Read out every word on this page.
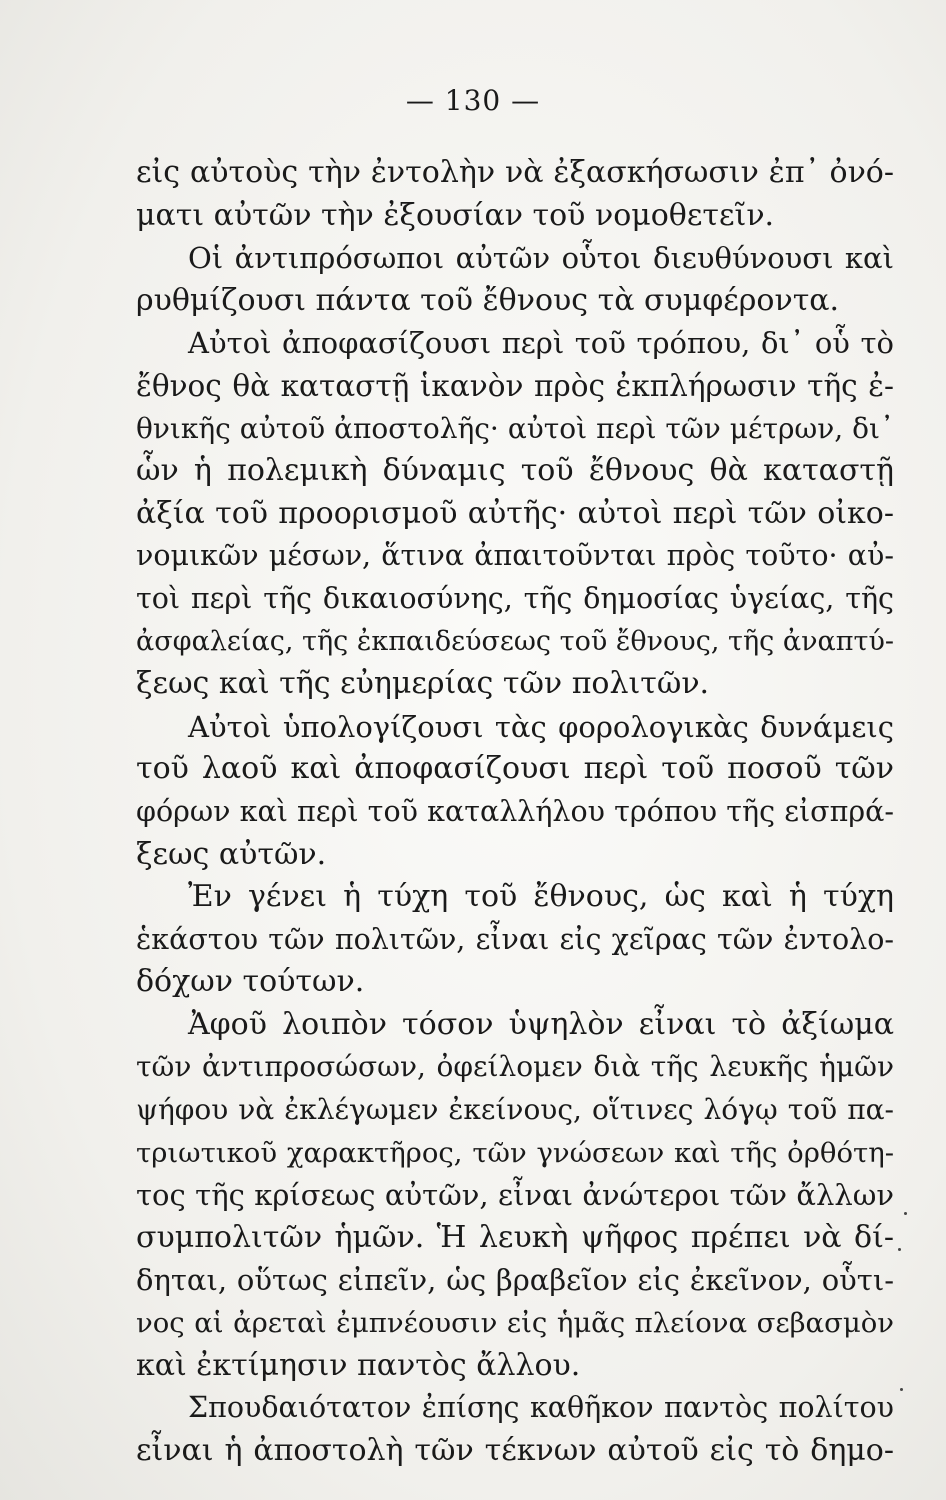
— 130 —
εἰς αὐτοὺς τὴν ἐντολὴν νὰ ἐξασκήσωσιν ἐπ᾽ ὀνό-
ματι αὐτῶν τὴν ἐξουσίαν τοῦ νομοθετεῖν.
Οἱ ἀντιπρόσωποι αὐτῶν οὗτοι διευθύνουσι καὶ
ρυθμίζουσι πάντα τοῦ ἔθνους τὰ συμφέροντα.
Αὐτοὶ ἀποφασίζουσι περὶ τοῦ τρόπου, δι᾽ οὗ τὸ
ἔθνος θὰ καταστῇ ἱκανὸν πρὸς ἐκπλήρωσιν τῆς ἐ-
θνικῆς αὐτοῦ ἀποστολῆς· αὐτοὶ περὶ τῶν μέτρων, δι᾽
ὧν ἡ πολεμικὴ δύναμις τοῦ ἔθνους θὰ καταστῇ
ἀξία τοῦ προορισμοῦ αὐτῆς· αὐτοὶ περὶ τῶν οἰκο-
νομικῶν μέσων, ἅτινα ἀπαιτοῦνται πρὸς τοῦτο· αὐ-
τοὶ περὶ τῆς δικαιοσύνης, τῆς δημοσίας ὑγείας, τῆς
ἀσφαλείας, τῆς ἐκπαιδεύσεως τοῦ ἔθνους, τῆς ἀναπτύ-
ξεως καὶ τῆς εὐημερίας τῶν πολιτῶν.
Αὐτοὶ ὑπολογίζουσι τὰς φορολογικὰς δυνάμεις
τοῦ λαοῦ καὶ ἀποφασίζουσι περὶ τοῦ ποσοῦ τῶν
φόρων καὶ περὶ τοῦ καταλλήλου τρόπου τῆς εἰσπρά-
ξεως αὐτῶν.
Ἐν γένει ἡ τύχη τοῦ ἔθνους, ὡς καὶ ἡ τύχη
ἑκάστου τῶν πολιτῶν, εἶναι εἰς χεῖρας τῶν ἐντολο-
δόχων τούτων.
Ἀφοῦ λοιπὸν τόσον ὑψηλὸν εἶναι τὸ ἀξίωμα
τῶν ἀντιπροσώσων, ὀφείλομεν διὰ τῆς λευκῆς ἡμῶν
ψήφου νὰ ἐκλέγωμεν ἐκείνους, οἵτινες λόγῳ τοῦ πα-
τριωτικοῦ χαρακτῆρος, τῶν γνώσεων καὶ τῆς ὀρθότη-
τος τῆς κρίσεως αὐτῶν, εἶναι ἀνώτεροι τῶν ἄλλων
συμπολιτῶν ἡμῶν. Ἡ λευκὴ ψῆφος πρέπει νὰ δί-
δηται, οὕτως εἰπεῖν, ὡς βραβεῖον εἰς ἐκεῖνον, οὗτι-
νος αἱ ἀρεταὶ ἐμπνέουσιν εἰς ἡμᾶς πλείονα σεβασμὸν
καὶ ἐκτίμησιν παντὸς ἄλλου.
Σπουδαιότατον ἐπίσης καθῆκον παντὸς πολίτου
εἶναι ἡ ἀποστολὴ τῶν τέκνων αὐτοῦ εἰς τὸ δημο-
